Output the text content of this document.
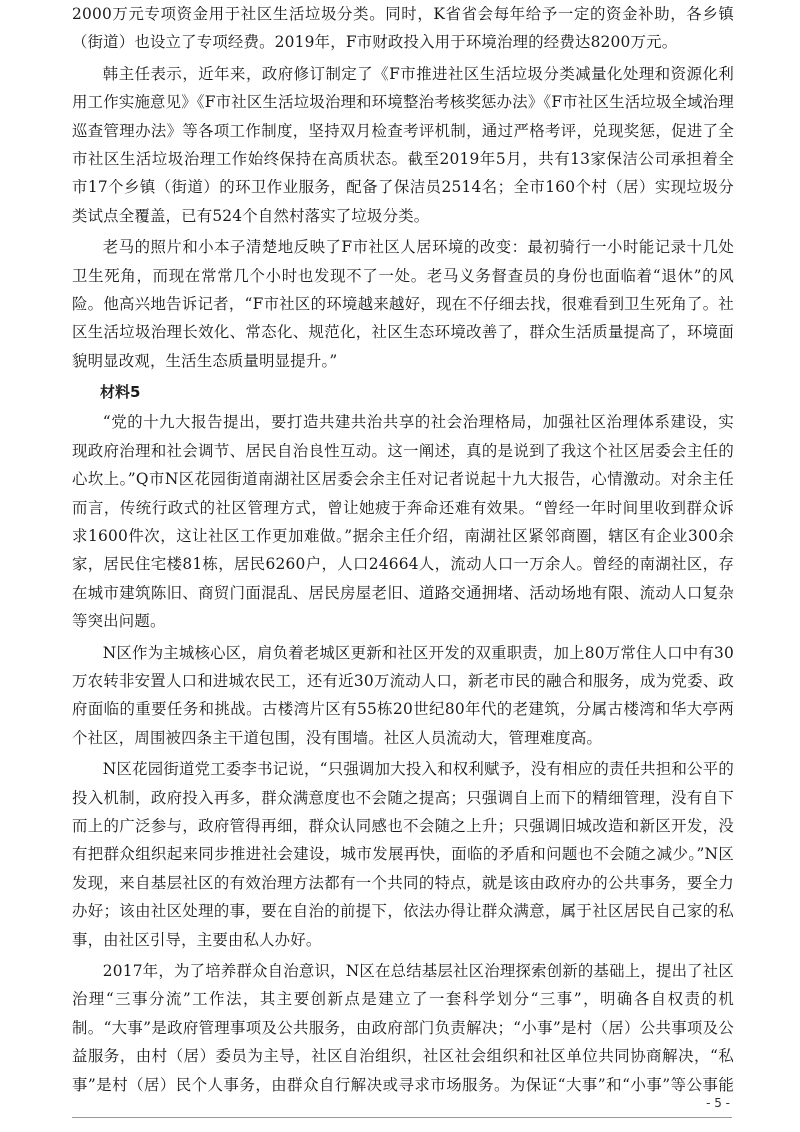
2000万元专项资金用于社区生活垃圾分类。同时，K省省会每年给予一定的资金补助，各乡镇（街道）也设立了专项经费。2019年，F市财政投入用于环境治理的经费达8200万元。

韩主任表示，近年来，政府修订制定了《F市推进社区生活垃圾分类减量化处理和资源化利用工作实施意见》《F市社区生活垃圾治理和环境整治考核奖惩办法》《F市社区生活垃圾全域治理巡查管理办法》等各项工作制度，坚持双月检查考评机制，通过严格考评，兑现奖惩，促进了全市社区生活垃圾治理工作始终保持在高质状态。截至2019年5月，共有13家保洁公司承担着全市17个乡镇（街道）的环卫作业服务，配备了保洁员2514名；全市160个村（居）实现垃圾分类试点全覆盖，已有524个自然村落实了垃圾分类。

老马的照片和小本子清楚地反映了F市社区人居环境的改变：最初骑行一小时能记录十几处卫生死角，而现在常常几个小时也发现不了一处。老马义务督查员的身份也面临着“退休”的风险。他高兴地告诉记者，“F市社区的环境越来越好，现在不仔细去找，很难看到卫生死角了。社区生活垃圾治理长效化、常态化、规范化，社区生态环境改善了，群众生活质量提高了，环境面貌明显改观，生活生态质量明显提升。”

材料5

“党的十九大报告提出，要打造共建共治共享的社会治理格局，加强社区治理体系建设，实现政府治理和社会调节、居民自治良性互动。这一阐述，真的是说到了我这个社区居委会主任的心坎上。”Q市N区花园街道南湖社区居委会余主任对记者说起十九大报告，心情激动。对余主任而言，传统行政式的社区管理方式，曾让她疲于奔命还难有效果。“曾经一年时间里收到群众诉求1600件次，这让社区工作更加难做。”据余主任介绍，南湖社区紧邻商圈，辖区有企业300余家，居民住宅楼81栋，居民6260户，人口24664人，流动人口一万余人。曾经的南湖社区，存在城市建筑陈旧、商贸门面混乱、居民房屋老旧、道路交通拥堵、活动场地有限、流动人口复杂等突出问题。

N区作为主城核心区，肩负着老城区更新和社区开发的双重职责，加上80万常住人口中有30万农转非安置人口和进城农民工，还有近30万流动人口，新老市民的融合和服务，成为党委、政府面临的重要任务和挑战。古楼湾片区有55栋20世纪80年代的老建筑，分属古楼湾和华大亭两个社区，周围被四条主干道包围，没有围墙。社区人员流动大，管理难度高。

N区花园街道党工委李书记说，“只强调加大投入和权利赋予，没有相应的责任共担和公平的投入机制，政府投入再多，群众满意度也不会随之提高；只强调自上而下的精细管理，没有自下而上的广泛参与，政府管得再细，群众认同感也不会随之上升；只强调旧城改造和新区开发，没有把群众组织起来同步推进社会建设，城市发展再快，面临的矛盾和问题也不会随之减少。”N区发现，来自基层社区的有效治理方法都有一个共同的特点，就是该由政府办的公共事务，要全力办好；该由社区处理的事，要在自治的前提下，依法办得让群众满意，属于社区居民自己家的私事，由社区引导，主要由私人办好。

2017年，为了培养群众自治意识，N区在总结基层社区治理探索创新的基础上，提出了社区治理“三事分流”工作法，其主要创新点是建立了一套科学划分“三事”，明确各自权责的机制。“大事”是政府管理事项及公共服务，由政府部门负责解决；“小事”是村（居）公共事项及公益服务，由村（居）委员为主导，社区自治组织，社区社会组织和社区单位共同协商解决，“私事”是村（居）民个人事务，由群众自行解决或寻求市场服务。为保证“大事”和“小事”等公事能

- 5 -
